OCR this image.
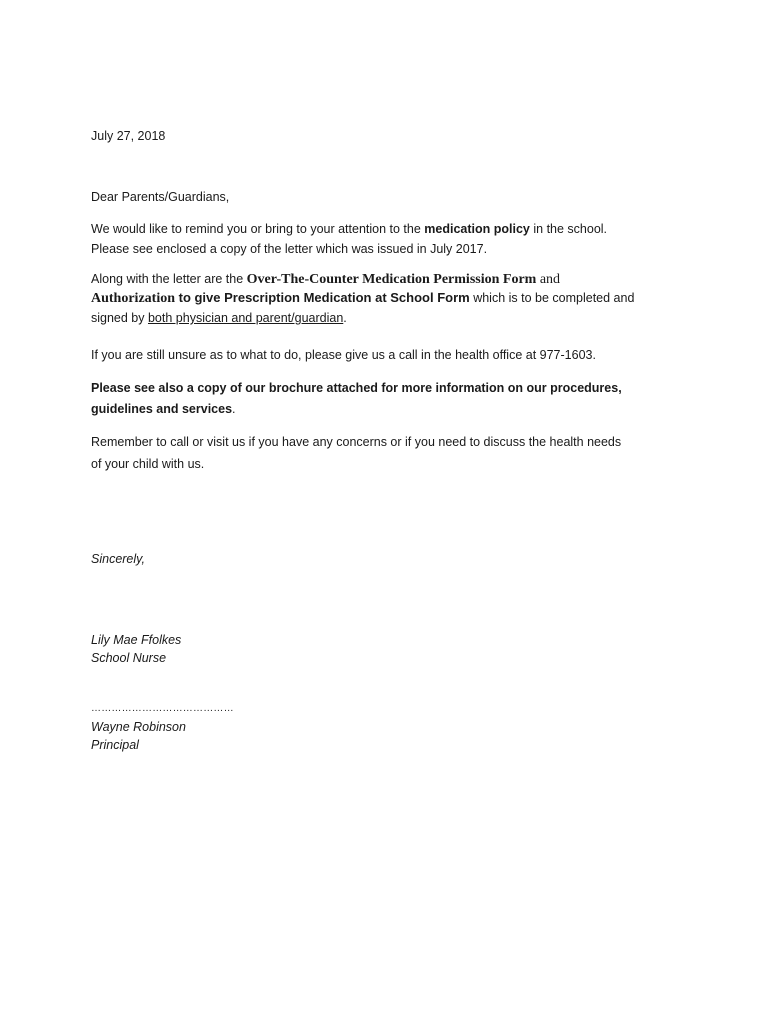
July 27, 2018
Dear Parents/Guardians,
We would like to remind you or bring to your attention to the medication policy in the school.
Please see enclosed a copy of the letter which was issued in July 2017.
Along with the letter are the Over-The-Counter Medication Permission Form and
Authorization to give Prescription Medication at School Form which is to be completed and
signed by both physician and parent/guardian.
If you are still unsure as to what to do, please give us a call in the health office at 977-1603.
Please see also a copy of our brochure attached for more information on our procedures,
guidelines and services.
Remember to call or visit us if you have any concerns or if you need to discuss the health needs
of your child with us.
Sincerely,
Lily Mae Ffolkes
School Nurse
……………………………………
Wayne Robinson
Principal
